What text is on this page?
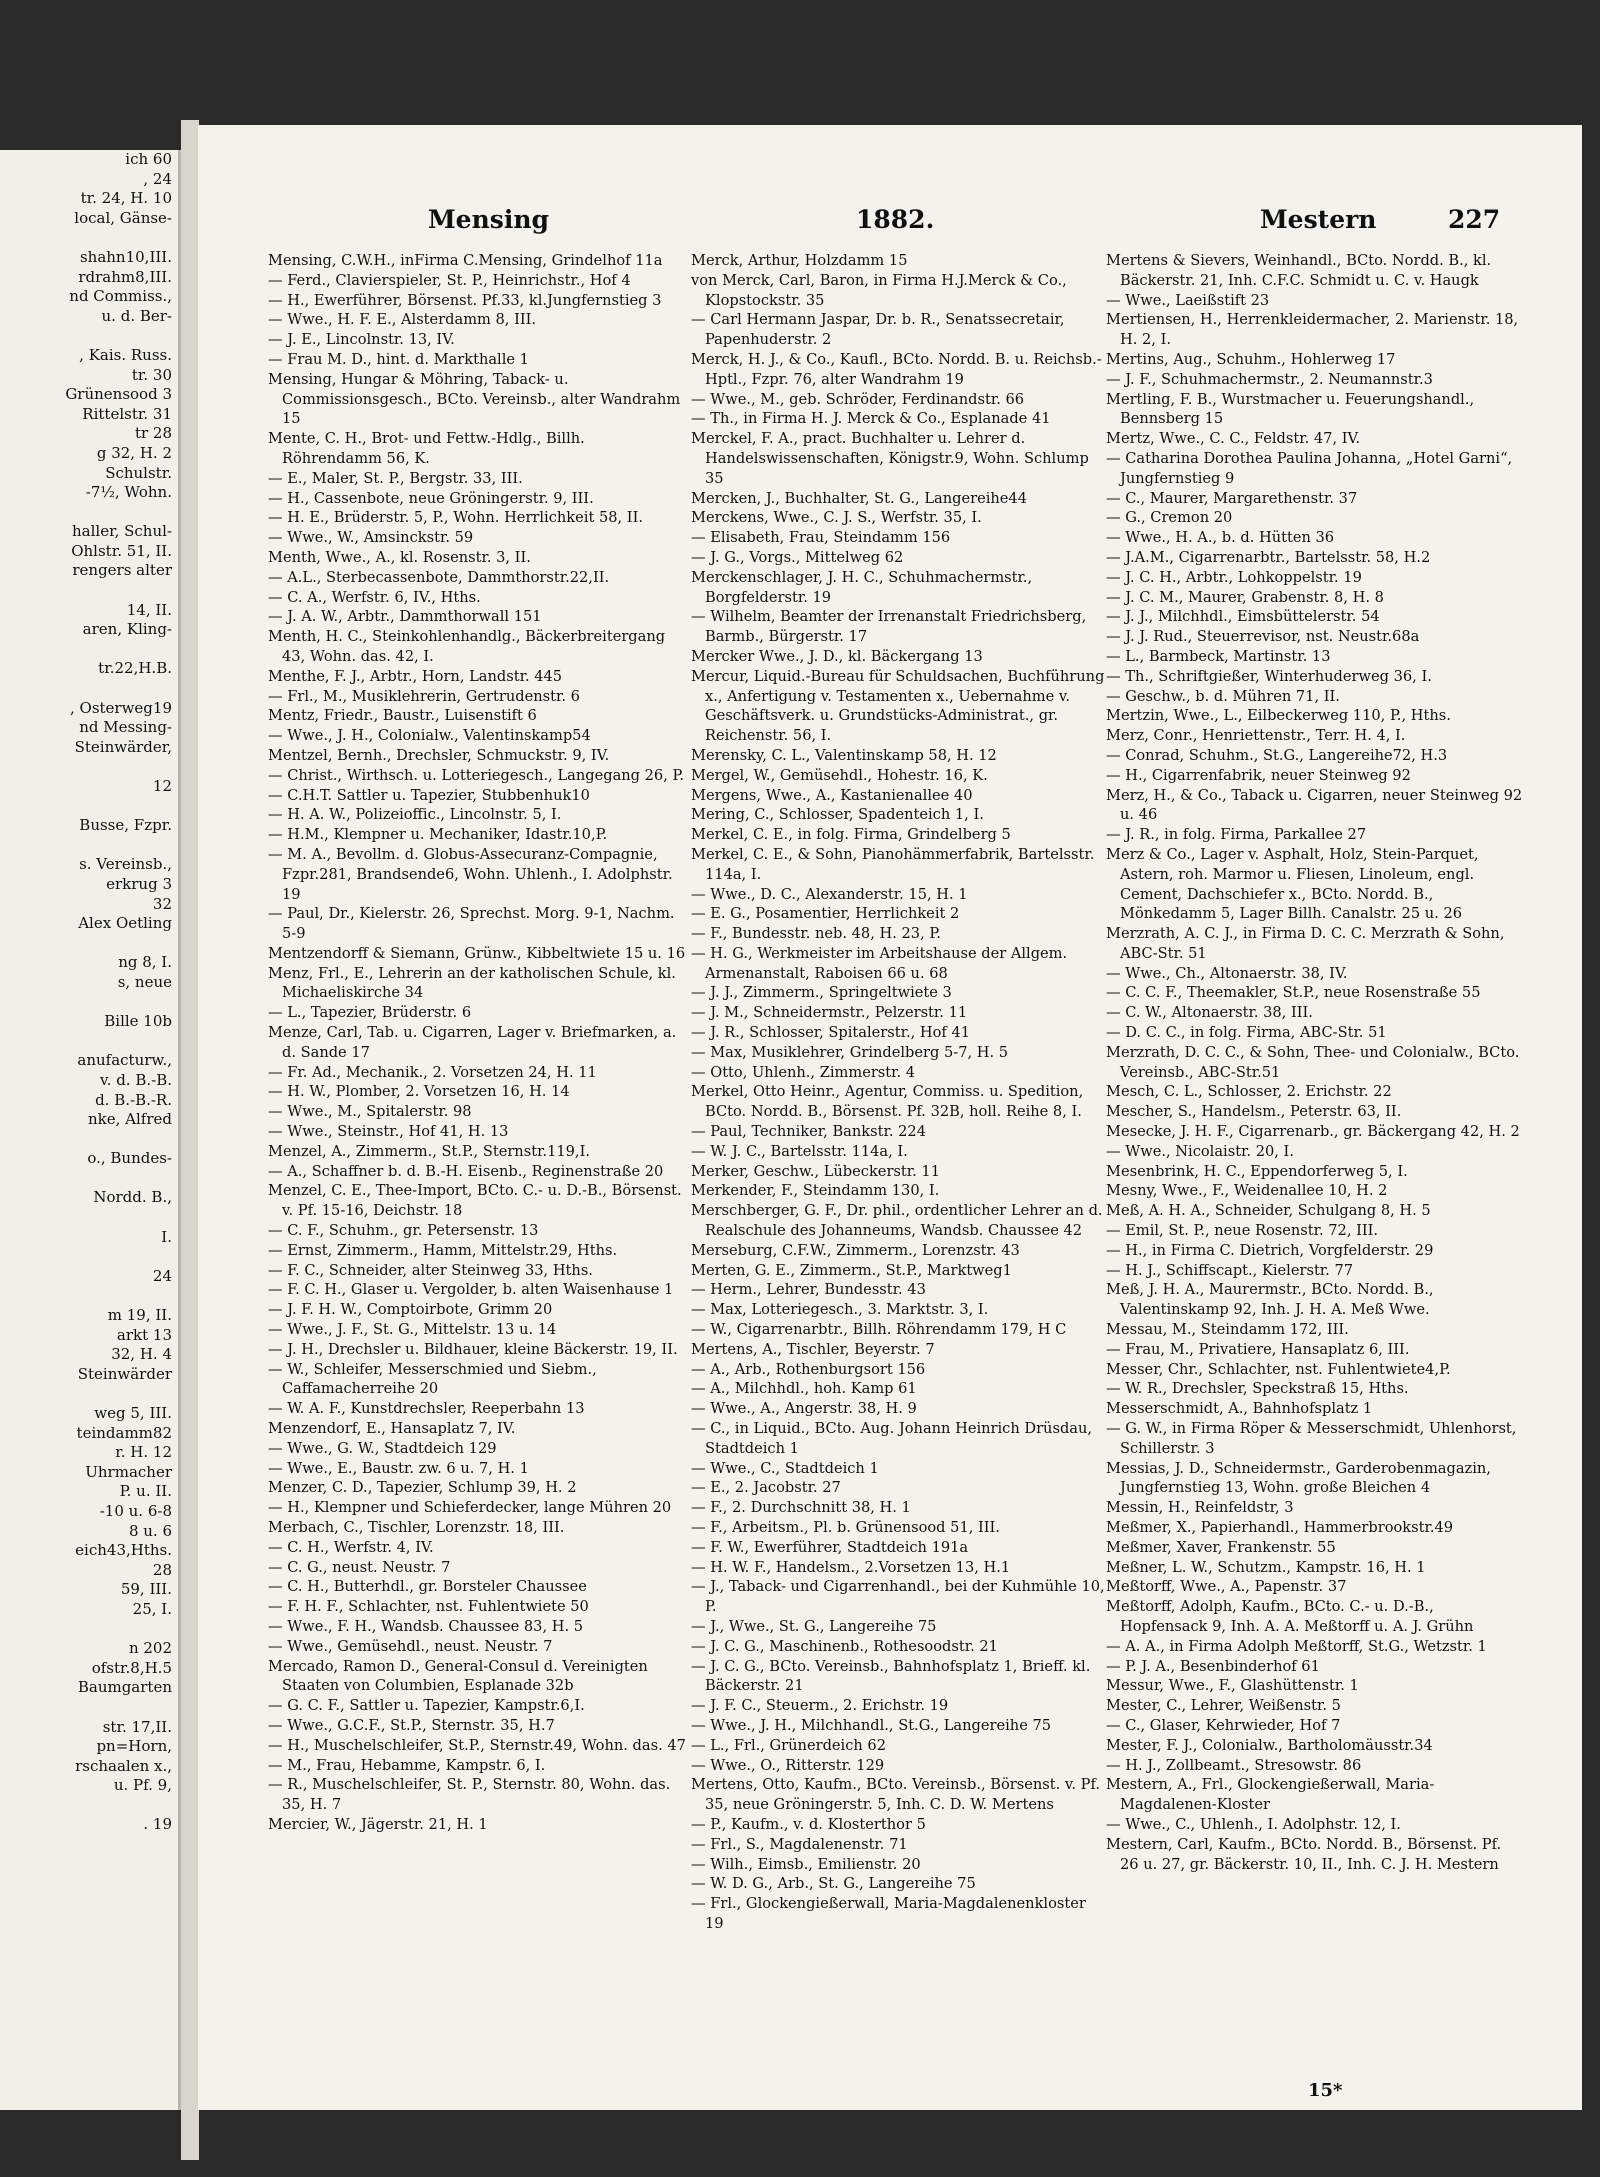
ich 60
, 24
tr. 24, H. 10
local, Gänse-
shahn10,III.
rdrahm8,III.
nd Commiss.,
u. d. Ber-
, Kais. Russ.
tr. 30
Grünensood 3
Rittelstr. 31
tr 28
g 32, H. 2
Schulstr.
-7½, Wohn.
haller, Schul-
Ohlstr. 51, II.
rengers alter
14, II.
aren, Kling-
tr.22,H.B.
, Osterweg19
nd Messing-
Steinwärder,
12
Busse, Fzpr.
s. Vereinsb.,
erkrug 3
32
Alex Oetling
ng 8, I.
s, neue
Bille 10b
anufacturw.,
v. d. B.-B.
d. B.-B.-R.
nke, Alfred
o., Bundes-
Nordd. B.,
I.
24
m 19, II.
arkt 13
32, H. 4
Steinwärder
weg 5, III.
teindamm82
r. H. 12
Uhrmacher
P. u. II.
-10 u. 6-8
8 u. 6
eich43,Hths.
28
59, III.
25, I.
n 202
ofstr.8,H.5
Baumgarten
str. 17,II.
pn=Horn,
rschaalen x.,
u. Pf. 9,
. 19
Mensing	1882.	Mestern	227

Mensing, C.W.H., inFirma C.Mensing, Grindelhof 11a

— Ferd., Clavierspieler, St. P., Heinrichstr., Hof 4

— H., Ewerführer, Börsenst. Pf.33, kl.Jungfernstieg 3

— Wwe., H. F. E., Alsterdamm 8, III.

— J. E., Lincolnstr. 13, IV.

— Frau M. D., hint. d. Markthalle 1

Mensing, Hungar & Möhring, Taback- u. Commissionsgesch., BCto. Vereinsb., alter Wandrahm 15

Mente, C. H., Brot- und Fettw.-Hdlg., Billh. Röhrendamm 56, K.

— E., Maler, St. P., Bergstr. 33, III.

— H., Cassenbote, neue Gröningerstr. 9, III.

— H. E., Brüderstr. 5, P., Wohn. Herrlichkeit 58, II.

— Wwe., W., Amsinckstr. 59

Menth, Wwe., A., kl. Rosenstr. 3, II.

— A.L., Sterbecassenbote, Dammthorstr.22,II.

— C. A., Werfstr. 6, IV., Hths.

— J. A. W., Arbtr., Dammthorwall 151

Menth, H. C., Steinkohlenhandlg., Bäckerbreitergang 43, Wohn. das. 42, I.

Menthe, F. J., Arbtr., Horn, Landstr. 445

— Frl., M., Musiklehrerin, Gertrudenstr. 6

Mentz, Friedr., Baustr., Luisenstift 6

— Wwe., J. H., Colonialw., Valentinskamp54

Mentzel, Bernh., Drechsler, Schmuckstr. 9, IV.

— Christ., Wirthsch. u. Lotteriegesch., Langegang 26, P.

— C.H.T. Sattler u. Tapezier, Stubbenhuk10

— H. A. W., Polizeioffic., Lincolnstr. 5, I.

— H.M., Klempner u. Mechaniker, Idastr.10,P.

— M. A., Bevollm. d. Globus-Assecuranz-Compagnie, Fzpr.281, Brandsende6, Wohn. Uhlenh., I. Adolphstr. 19

— Paul, Dr., Kielerstr. 26, Sprechst. Morg. 9-1, Nachm. 5-9

Mentzendorff & Siemann, Grünw., Kibbeltwiete 15 u. 16

Menz, Frl., E., Lehrerin an der katholischen Schule, kl. Michaeliskirche 34

— L., Tapezier, Brüderstr. 6

Menze, Carl, Tab. u. Cigarren, Lager v. Briefmarken, a. d. Sande 17

— Fr. Ad., Mechanik., 2. Vorsetzen 24, H. 11

— H. W., Plomber, 2. Vorsetzen 16, H. 14

— Wwe., M., Spitalerstr. 98

— Wwe., Steinstr., Hof 41, H. 13

Menzel, A., Zimmerm., St.P., Sternstr.119,I.

— A., Schaffner b. d. B.-H. Eisenb., Reginenstraße 20

Menzel, C. E., Thee-Import, BCto. C.- u. D.-B., Börsenst. v. Pf. 15-16, Deichstr. 18

— C. F., Schuhm., gr. Petersenstr. 13

— Ernst, Zimmerm., Hamm, Mittelstr.29, Hths.

— F. C., Schneider, alter Steinweg 33, Hths.

— F. C. H., Glaser u. Vergolder, b. alten Waisenhause 1

— J. F. H. W., Comptoirbote, Grimm 20

— Wwe., J. F., St. G., Mittelstr. 13 u. 14

— J. H., Drechsler u. Bildhauer, kleine Bäckerstr. 19, II.

— W., Schleifer, Messerschmied und Siebm., Caffamacherreihe 20

— W. A. F., Kunstdrechsler, Reeperbahn 13

Menzendorf, E., Hansaplatz 7, IV.

— Wwe., G. W., Stadtdeich 129

— Wwe., E., Baustr. zw. 6 u. 7, H. 1

Menzer, C. D., Tapezier, Schlump 39, H. 2

— H., Klempner und Schieferdecker, lange Mühren 20

Merbach, C., Tischler, Lorenzstr. 18, III.

— C. H., Werfstr. 4, IV.

— C. G., neust. Neustr. 7

— C. H., Butterhdl., gr. Borsteler Chaussee

— F. H. F., Schlachter, nst. Fuhlentwiete 50

— Wwe., F. H., Wandsb. Chaussee 83, H. 5

— Wwe., Gemüsehdl., neust. Neustr. 7

Mercado, Ramon D., General-Consul d. Vereinigten Staaten von Columbien, Esplanade 32b

— G. C. F., Sattler u. Tapezier, Kampstr.6,I.

— Wwe., G.C.F., St.P., Sternstr. 35, H.7

— H., Muschelschleifer, St.P., Sternstr.49, Wohn. das. 47

— M., Frau, Hebamme, Kampstr. 6, I.

— R., Muschelschleifer, St. P., Sternstr. 80, Wohn. das. 35, H. 7

Mercier, W., Jägerstr. 21, H. 1

Merck, Arthur, Holzdamm 15

von Merck, Carl, Baron, in Firma H.J.Merck & Co., Klopstockstr. 35

— Carl Hermann Jaspar, Dr. b. R., Senatssecretair, Papenhuderstr. 2

Merck, H. J., & Co., Kaufl., BCto. Nordd. B. u. Reichsb.-Hptl., Fzpr. 76, alter Wandrahm 19

— Wwe., M., geb. Schröder, Ferdinandstr. 66

— Th., in Firma H. J. Merck & Co., Esplanade 41

Merckel, F. A., pract. Buchhalter u. Lehrer d. Handelswissenschaften, Königstr.9, Wohn. Schlump 35

Mercken, J., Buchhalter, St. G., Langereihe44

Merckens, Wwe., C. J. S., Werfstr. 35, I.

— Elisabeth, Frau, Steindamm 156

— J. G., Vorgs., Mittelweg 62

Merckenschlager, J. H. C., Schuhmachermstr., Borgfelderstr. 19

— Wilhelm, Beamter der Irrenanstalt Friedrichsberg, Barmb., Bürgerstr. 17

Mercker Wwe., J. D., kl. Bäckergang 13

Mercur, Liquid.-Bureau für Schuldsachen, Buchführung x., Anfertigung v. Testamenten x., Uebernahme v. Geschäftsverk. u. Grundstücks-Administrat., gr. Reichenstr. 56, I.

Merensky, C. L., Valentinskamp 58, H. 12

Mergel, W., Gemüsehdl., Hohestr. 16, K.

Mergens, Wwe., A., Kastanienallee 40

Mering, C., Schlosser, Spadenteich 1, I.

Merkel, C. E., in folg. Firma, Grindelberg 5

Merkel, C. E., & Sohn, Pianohämmerfabrik, Bartelsstr. 114a, I.

— Wwe., D. C., Alexanderstr. 15, H. 1

— E. G., Posamentier, Herrlichkeit 2

— F., Bundesstr. neb. 48, H. 23, P.

— H. G., Werkmeister im Arbeitshause der Allgem. Armenanstalt, Raboisen 66 u. 68

— J. J., Zimmerm., Springeltwiete 3

— J. M., Schneidermstr., Pelzerstr. 11

— J. R., Schlosser, Spitalerstr., Hof 41

— Max, Musiklehrer, Grindelberg 5-7, H. 5

— Otto, Uhlenh., Zimmerstr. 4

Merkel, Otto Heinr., Agentur, Commiss. u. Spedition, BCto. Nordd. B., Börsenst. Pf. 32B, holl. Reihe 8, I.

— Paul, Techniker, Bankstr. 224

— W. J. C., Bartelsstr. 114a, I.

Merker, Geschw., Lübeckerstr. 11

Merkender, F., Steindamm 130, I.

Merschberger, G. F., Dr. phil., ordentlicher Lehrer an d. Realschule des Johanneums, Wandsb. Chaussee 42

Merseburg, C.F.W., Zimmerm., Lorenzstr. 43

Merten, G. E., Zimmerm., St.P., Marktweg1

— Herm., Lehrer, Bundesstr. 43

— Max, Lotteriegesch., 3. Marktstr. 3, I.

— W., Cigarrenarbtr., Billh. Röhrendamm 179, H C

Mertens, A., Tischler, Beyerstr. 7

— A., Arb., Rothenburgsort 156

— A., Milchhdl., hoh. Kamp 61

— Wwe., A., Angerstr. 38, H. 9

— C., in Liquid., BCto. Aug. Johann Heinrich Drüsdau, Stadtdeich 1

— Wwe., C., Stadtdeich 1

— E., 2. Jacobstr. 27

— F., 2. Durchschnitt 38, H. 1

— F., Arbeitsm., Pl. b. Grünensood 51, III.

— F. W., Ewerführer, Stadtdeich 191a

— H. W. F., Handelsm., 2.Vorsetzen 13, H.1

— J., Taback- und Cigarrenhandl., bei der Kuhmühle 10, P.

— J., Wwe., St. G., Langereihe 75

— J. C. G., Maschinenb., Rothesoodstr. 21

— J. C. G., BCto. Vereinsb., Bahnhofsplatz 1, Brieff. kl. Bäckerstr. 21

— J. F. C., Steuerm., 2. Erichstr. 19

— Wwe., J. H., Milchhandl., St.G., Langereihe 75

— L., Frl., Grünerdeich 62

— Wwe., O., Ritterstr. 129

Mertens, Otto, Kaufm., BCto. Vereinsb., Börsenst. v. Pf. 35, neue Gröningerstr. 5, Inh. C. D. W. Mertens

— P., Kaufm., v. d. Klosterthor 5

— Frl., S., Magdalenenstr. 71

— Wilh., Eimsb., Emilienstr. 20

— W. D. G., Arb., St. G., Langereihe 75

— Frl., Glockengießerwall, Maria-Magdalenenkloster 19

Mertens & Sievers, Weinhandl., BCto. Nordd. B., kl. Bäckerstr. 21, Inh. C.F.C. Schmidt u. C. v. Haugk

— Wwe., Laeißstift 23

Mertiensen, H., Herrenkleidermacher, 2. Marienstr. 18, H. 2, I.

Mertins, Aug., Schuhm., Hohlerweg 17

— J. F., Schuhmachermstr., 2. Neumannstr.3

Mertling, F. B., Wurstmacher u. Feuerungshandl., Bennsberg 15

Mertz, Wwe., C. C., Feldstr. 47, IV.

— Catharina Dorothea Paulina Johanna, „Hotel Garni“, Jungfernstieg 9

— C., Maurer, Margarethenstr. 37

— G., Cremon 20

— Wwe., H. A., b. d. Hütten 36

— J.A.M., Cigarrenarbtr., Bartelsstr. 58, H.2

— J. C. H., Arbtr., Lohkoppelstr. 19

— J. C. M., Maurer, Grabenstr. 8, H. 8

— J. J., Milchhdl., Eimsbüttelerstr. 54

— J. J. Rud., Steuerrevisor, nst. Neustr.68a

— L., Barmbeck, Martinstr. 13

— Th., Schriftgießer, Winterhuderweg 36, I.

— Geschw., b. d. Mühren 71, II.

Mertzin, Wwe., L., Eilbeckerweg 110, P., Hths.

Merz, Conr., Henriettenstr., Terr. H. 4, I.

— Conrad, Schuhm., St.G., Langereihe72, H.3

— H., Cigarrenfabrik, neuer Steinweg 92

Merz, H., & Co., Taback u. Cigarren, neuer Steinweg 92 u. 46

— J. R., in folg. Firma, Parkallee 27

Merz & Co., Lager v. Asphalt, Holz, Stein-Parquet, Astern, roh. Marmor u. Fliesen, Linoleum, engl. Cement, Dachschiefer x., BCto. Nordd. B., Mönkedamm 5, Lager Billh. Canalstr. 25 u. 26

Merzrath, A. C. J., in Firma D. C. C. Merzrath & Sohn, ABC-Str. 51

— Wwe., Ch., Altonaerstr. 38, IV.

— C. C. F., Theemakler, St.P., neue Rosenstraße 55

— C. W., Altonaerstr. 38, III.

— D. C. C., in folg. Firma, ABC-Str. 51

Merzrath, D. C. C., & Sohn, Thee- und Colonialw., BCto. Vereinsb., ABC-Str.51

Mesch, C. L., Schlosser, 2. Erichstr. 22

Mescher, S., Handelsm., Peterstr. 63, II.

Mesecke, J. H. F., Cigarrenarb., gr. Bäckergang 42, H. 2

— Wwe., Nicolaistr. 20, I.

Mesenbrink, H. C., Eppendorferweg 5, I.

Mesny, Wwe., F., Weidenallee 10, H. 2

Meß, A. H. A., Schneider, Schulgang 8, H. 5

— Emil, St. P., neue Rosenstr. 72, III.

— H., in Firma C. Dietrich, Vorgfelderstr. 29

— H. J., Schiffscapt., Kielerstr. 77

Meß, J. H. A., Maurermstr., BCto. Nordd. B., Valentinskamp 92, Inh. J. H. A. Meß Wwe.

Messau, M., Steindamm 172, III.

— Frau, M., Privatiere, Hansaplatz 6, III.

Messer, Chr., Schlachter, nst. Fuhlentwiete4,P.

— W. R., Drechsler, Speckstraß 15, Hths.

Messerschmidt, A., Bahnhofsplatz 1

— G. W., in Firma Röper & Messerschmidt, Uhlenhorst, Schillerstr. 3

Messias, J. D., Schneidermstr., Garderobenmagazin, Jungfernstieg 13, Wohn. große Bleichen 4

Messin, H., Reinfeldstr, 3

Meßmer, X., Papierhandl., Hammerbrookstr.49

Meßmer, Xaver, Frankenstr. 55

Meßner, L. W., Schutzm., Kampstr. 16, H. 1

Meßtorff, Wwe., A., Papenstr. 37

Meßtorff, Adolph, Kaufm., BCto. C.- u. D.-B., Hopfensack 9, Inh. A. A. Meßtorff u. A. J. Grühn

— A. A., in Firma Adolph Meßtorff, St.G., Wetzstr. 1

— P. J. A., Besenbinderhof 61

Messur, Wwe., F., Glashüttenstr. 1

Mester, C., Lehrer, Weißenstr. 5

— C., Glaser, Kehrwieder, Hof 7

Mester, F. J., Colonialw., Bartholomäusstr.34

— H. J., Zollbeamt., Stresowstr. 86

Mestern, A., Frl., Glockengießerwall, Maria-Magdalenen-Kloster

— Wwe., C., Uhlenh., I. Adolphstr. 12, I.

Mestern, Carl, Kaufm., BCto. Nordd. B., Börsenst. Pf. 26 u. 27, gr. Bäckerstr. 10, II., Inh. C. J. H. Mestern

15*
